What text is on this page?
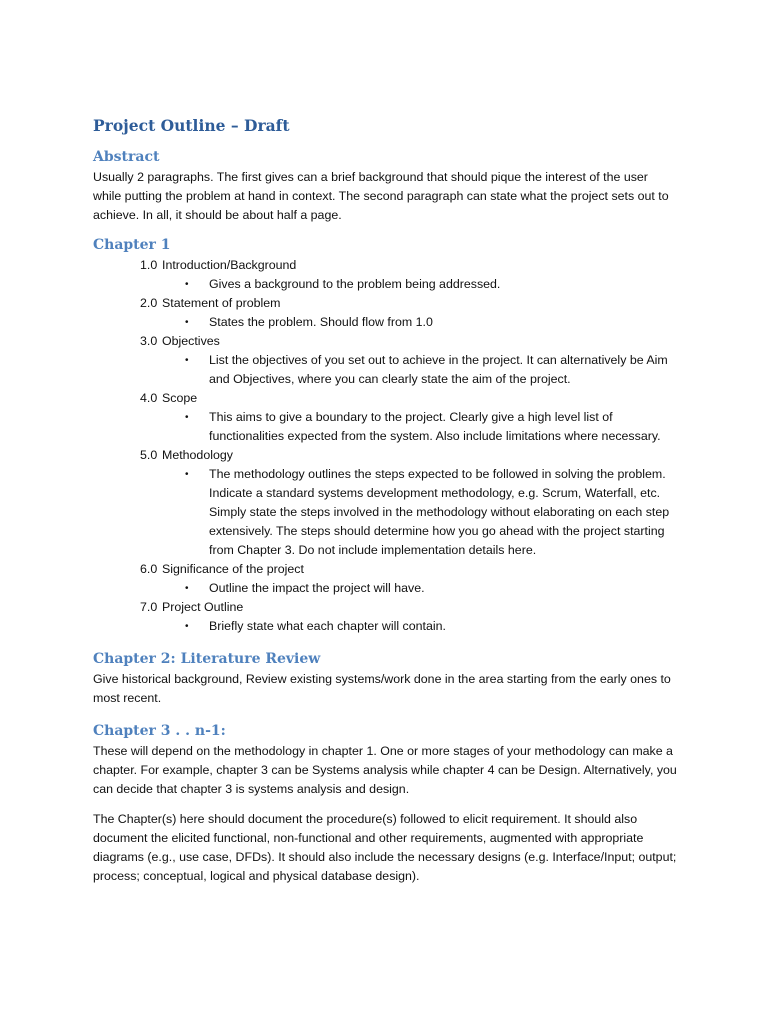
Project Outline – Draft
Abstract

Usually 2 paragraphs. The first gives can a brief background that should pique the interest of the user while putting the problem at hand in context. The second paragraph can state what the project sets out to achieve. In all, it should be about half a page.

Chapter 1
1.0 Introduction/Background
•	Gives a background to the problem being addressed.
2.0 Statement of problem
•	States the problem. Should flow from 1.0
3.0 Objectives
•	List the objectives of you set out to achieve in the project. It can alternatively be Aim and Objectives, where you can clearly state the aim of the project.
4.0 Scope
•	This aims to give a boundary to the project. Clearly give a high level list of functionalities expected from the system. Also include limitations where necessary.
5.0 Methodology
•	The methodology outlines the steps expected to be followed in solving the problem. Indicate a standard systems development methodology, e.g. Scrum, Waterfall, etc. Simply state the steps involved in the methodology without elaborating on each step extensively. The steps should determine how you go ahead with the project starting from Chapter 3. Do not include implementation details here.
6.0 Significance of the project
•	Outline the impact the project will have.
7.0 Project Outline
•	Briefly state what each chapter will contain.
Chapter 2: Literature Review

Give historical background, Review existing systems/work done in the area starting from the early ones to most recent.

Chapter 3 . . n-1:

These will depend on the methodology in chapter 1. One or more stages of your methodology can make a chapter. For example, chapter 3 can be Systems analysis while chapter 4 can be Design. Alternatively, you can decide that chapter 3 is systems analysis and design.

The Chapter(s) here should document the procedure(s) followed to elicit requirement. It should also document the elicited functional, non-functional and other requirements, augmented with appropriate diagrams (e.g., use case, DFDs). It should also include the necessary designs (e.g. Interface/Input; output; process; conceptual, logical and physical database design).
